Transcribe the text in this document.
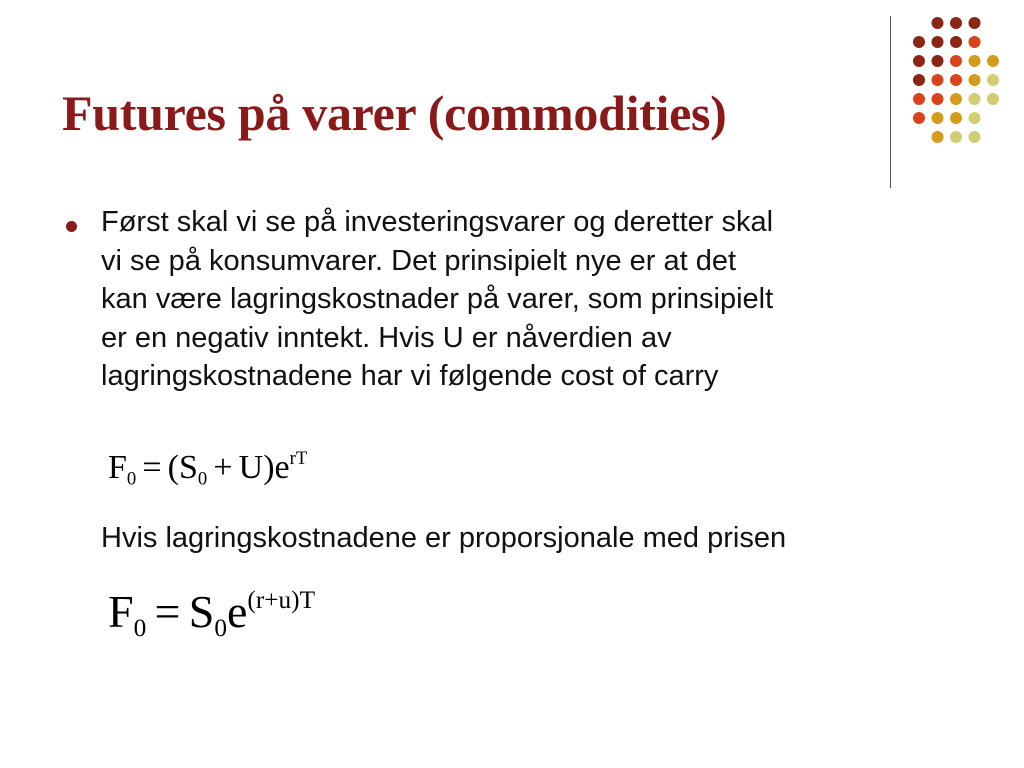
Futures på varer (commodities)
Først skal vi se på investeringsvarer og deretter skal
vi se på konsumvarer. Det prinsipielt nye er at det
kan være lagringskostnader på varer, som prinsipielt
er en negativ inntekt. Hvis U er nåverdien av
lagringskostnadene har vi følgende cost of carry
$F_0 = (S_0 + U)e^{rT}$
Hvis lagringskostnadene er proporsjonale med prisen
$F_0 = S_0e^{(r+u)T}$
